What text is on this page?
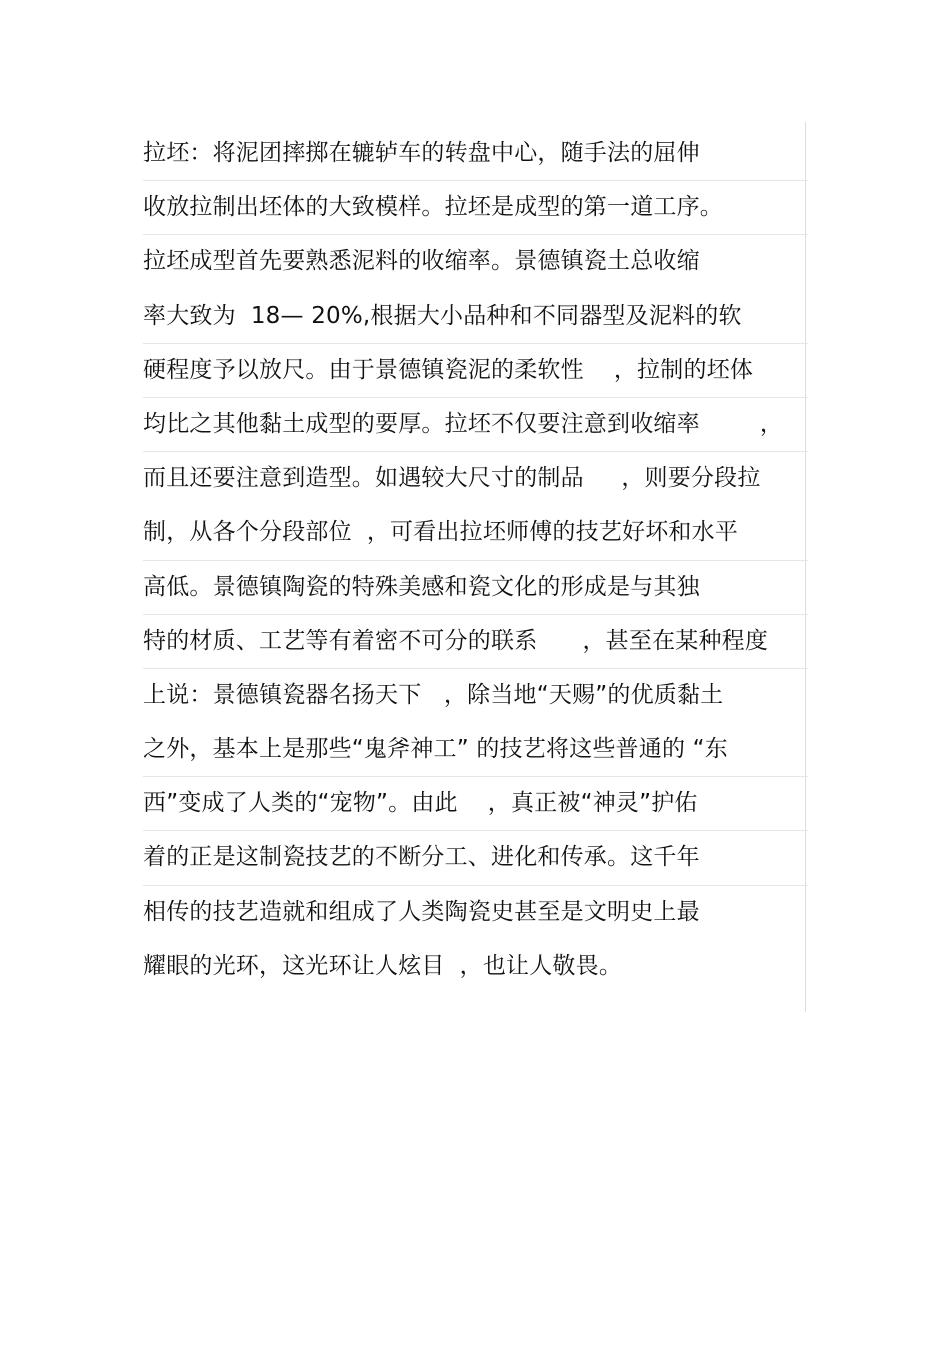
拉坯：将泥团摔掷在辘轳车的转盘中心，随手法的屈伸
收放拉制出坯体的大致模样。拉坯是成型的第一道工序。
拉坯成型首先要熟悉泥料的收缩率。景德镇瓷土总收缩
率大致为  18— 20%,根据大小品种和不同器型及泥料的软
硬程度予以放尺。由于景德镇瓷泥的柔软性    ，拉制的坯体
均比之其他黏土成型的要厚。拉坯不仅要注意到收缩率        ，
而且还要注意到造型。如遇较大尺寸的制品     ，则要分段拉
制，从各个分段部位  ，可看出拉坯师傅的技艺好坏和水平
高低。景德镇陶瓷的特殊美感和瓷文化的形成是与其独
特的材质、工艺等有着密不可分的联系      ，甚至在某种程度
上说：景德镇瓷器名扬天下   ，除当地“天赐”的优质黏土
之外，基本上是那些“鬼斧神工” 的技艺将这些普通的 “东
西”变成了人类的“宠物”。由此    ，真正被“神灵”护佑
着的正是这制瓷技艺的不断分工、进化和传承。这千年
相传的技艺造就和组成了人类陶瓷史甚至是文明史上最
耀眼的光环，这光环让人炫目  ，也让人敬畏。
